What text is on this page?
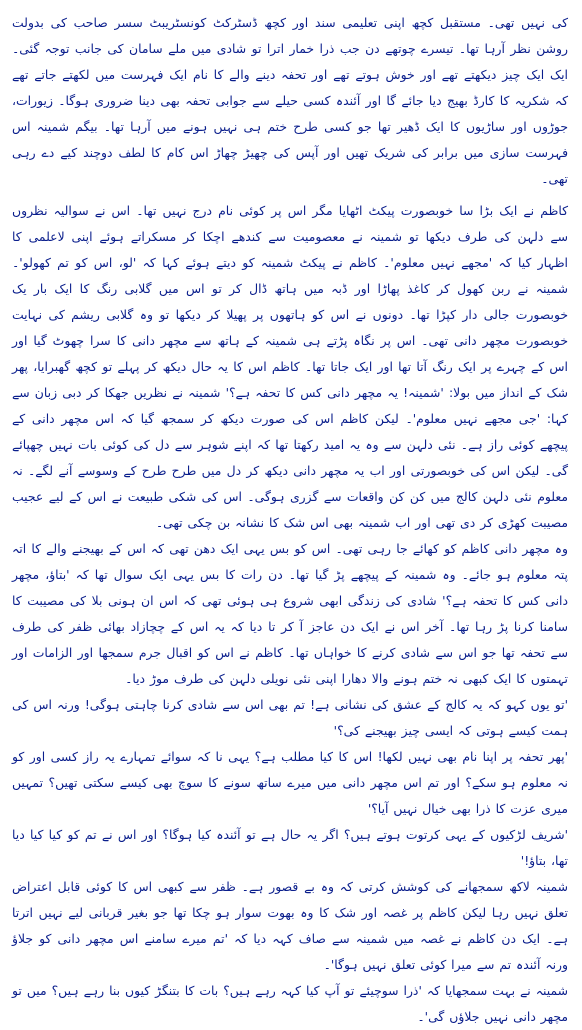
کی نہیں تھی۔ مستقبل کچھ اپنی تعلیمی سند اور کچھ ڈسٹرکٹ کونسٹریبٹ سسر صاحب کی بدولت روشن نظر آرہا تھا۔ تیسرے چوتھے دن جب ذرا خمار اترا تو شادی میں ملے سامان کی جانب توجہ گئی۔ ایک ایک چیز دیکھتے تھے اور خوش ہوتے تھے اور تحفہ دینے والے کا نام ایک فہرست میں لکھتے جاتے تھے کہ شکریہ کا کارڈ بھیج دیا جائے گا اور آئندہ کسی حیلے سے جوابی تحفہ بھی دینا ضروری ہوگا۔ زیورات، جوڑوں اور ساڑیوں کا ایک ڈھیر تھا جو کسی طرح ختم ہی نہیں ہونے میں آرہا تھا۔ بیگم شمینہ اس فہرست سازی میں برابر کی شریک تھیں اور آپس کی چھیڑ چھاڑ اس کام کا لطف دوچند کیے دے رہی تھی۔

کاظم نے ایک بڑا سا خوبصورت پیکٹ اٹھایا مگر اس پر کوئی نام درج نہیں تھا۔ اس نے سوالیہ نظروں سے دلہن کی طرف دیکھا تو شمینہ نے معصومیت سے کندھے اچکا کر مسکراتے ہوئے اپنی لاعلمی کا اظہار کیا کہ 'مجھے نہیں معلوم'۔ کاظم نے پیکٹ شمینہ کو دیتے ہوئے کہا کہ 'لو، اس کو تم کھولو'۔ شمینہ نے ربن کھول کر کاغذ پھاڑا اور ڈبہ میں ہاتھ ڈال کر تو اس میں گلابی رنگ کا ایک بار یک خوبصورت جالی دار کپڑا تھا۔ دونوں نے اس کو ہاتھوں پر پھیلا کر دیکھا تو وہ گلابی ریشم کی نہایت خوبصورت مچھر دانی تھی۔ اس پر نگاہ پڑتے ہی شمینہ کے ہاتھ سے مچھر دانی کا سرا چھوٹ گیا اور اس کے چہرے پر ایک رنگ آتا تھا اور ایک جاتا تھا۔ کاظم اس کا یہ حال دیکھ کر پہلے تو کچھ گھبرایا، پھر شک کے انداز میں بولا: 'شمینہ! یہ مچھر دانی کس کا تحفہ ہے؟' شمینہ نے نظریں جھکا کر دبی زبان سے کہا: 'جی مجھے نہیں معلوم'۔ لیکن کاظم اس کی صورت دیکھ کر سمجھ گیا کہ اس مچھر دانی کے پیچھے کوئی راز ہے۔ نئی دلہن سے وہ یہ امید رکھتا تھا کہ اپنے شوہر سے دل کی کوئی بات نہیں چھپائے گی۔ لیکن اس کی خوبصورتی اور اب یہ مچھر دانی دیکھ کر دل میں طرح طرح کے وسوسے آنے لگے۔ نہ معلوم نئی دلہن کالج میں کن کن واقعات سے گزری ہوگی۔ اس کی شکی طبیعت نے اس کے لیے عجیب مصیبت کھڑی کر دی تھی اور اب شمینہ بھی اس شک کا نشانہ بن چکی تھی۔

وہ مچھر دانی کاظم کو کھائے جا رہی تھی۔ اس کو بس یہی ایک دھن تھی کہ اس کے بھیجنے والے کا اتہ پتہ معلوم ہو جائے۔ وہ شمینہ کے پیچھے پڑ گیا تھا۔ دن رات کا بس یہی ایک سوال تھا کہ 'بتاؤ، مچھر دانی کس کا تحفہ ہے؟' شادی کی زندگی ابھی شروع ہی ہوئی تھی کہ اس ان ہونی بلا کی مصیبت کا سامنا کرنا پڑ رہا تھا۔ آخر اس نے ایک دن عاجز آ کر تا دیا کہ یہ اس کے چچازاد بھائی ظفر کی طرف سے تحفہ تھا جو اس سے شادی کرنے کا خواہاں تھا۔ کاظم نے اس کو اقبال جرم سمجھا اور الزامات اور تہمتوں کا ایک کبھی نہ ختم ہونے والا دھارا اپنی نئی نویلی دلہن کی طرف موڑ دیا۔

'تو یوں کہو کہ یہ کالج کے عشق کی نشانی ہے! تم بھی اس سے شادی کرنا چاہتی ہوگی! ورنہ اس کی ہمت کیسے ہوتی کہ ایسی چیز بھیجنے کی؟'

'پھر تحفہ پر اپنا نام بھی نہیں لکھا! اس کا کیا مطلب ہے؟ یہی نا کہ سوائے تمہارے یہ راز کسی اور کو نہ معلوم ہو سکے؟ اور تم اس مچھر دانی میں میرے ساتھ سونے کا سوچ بھی کیسے سکتی تھیں؟ تمہیں میری عزت کا ذرا بھی خیال نہیں آیا؟'

'شریف لڑکیوں کے یہی کرتوت ہوتے ہیں؟ اگر یہ حال ہے تو آئندہ کیا ہوگا؟ اور اس نے تم کو کیا کیا دیا تھا، بتاؤ!'

شمینہ لاکھ سمجھانے کی کوشش کرتی کہ وہ بے قصور ہے۔ ظفر سے کبھی اس کا کوئی قابل اعتراض تعلق نہیں رہا لیکن کاظم پر غصہ اور شک کا وہ بھوت سوار ہو چکا تھا جو بغیر قربانی لیے نہیں اترتا ہے۔ ایک دن کاظم نے غصہ میں شمینہ سے صاف کہہ دیا کہ 'تم میرے سامنے اس مچھر دانی کو جلاؤ ورنہ آئندہ تم سے میرا کوئی تعلق نہیں ہوگا'۔

شمینہ نے بہت سمجھایا کہ 'ذرا سوچیئے تو آپ کیا کہہ رہے ہیں؟ بات کا بتنگڑ کیوں بنا رہے ہیں؟ میں تو مچھر دانی نہیں جلاؤں گی'۔
